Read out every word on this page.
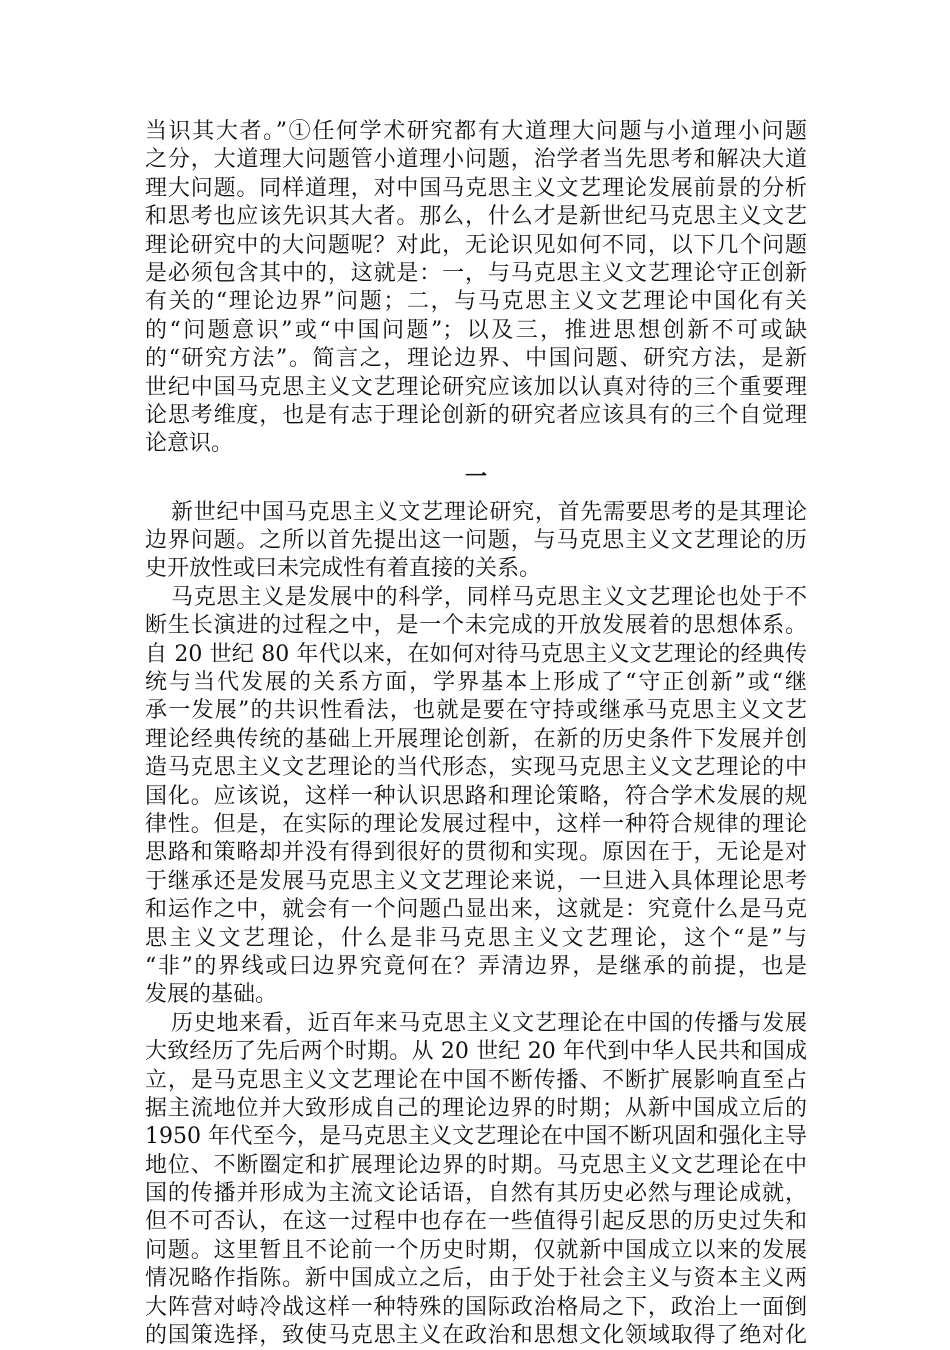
当识其大者。”①任何学术研究都有大道理大问题与小道理小问题
之分，大道理大问题管小道理小问题，治学者当先思考和解决大道
理大问题。同样道理，对中国马克思主义文艺理论发展前景的分析
和思考也应该先识其大者。那么，什么才是新世纪马克思主义文艺
理论研究中的大问题呢？对此，无论识见如何不同，以下几个问题
是必须包含其中的，这就是：一，与马克思主义文艺理论守正创新
有关的“理论边界”问题；二，与马克思主义文艺理论中国化有关
的“问题意识”或“中国问题”；以及三，推进思想创新不可或缺
的“研究方法”。简言之，理论边界、中国问题、研究方法，是新
世纪中国马克思主义文艺理论研究应该加以认真对待的三个重要理
论思考维度，也是有志于理论创新的研究者应该具有的三个自觉理
论意识。
一
新世纪中国马克思主义文艺理论研究，首先需要思考的是其理论
边界问题。之所以首先提出这一问题，与马克思主义文艺理论的历
史开放性或曰未完成性有着直接的关系。
马克思主义是发展中的科学，同样马克思主义文艺理论也处于不
断生长演进的过程之中，是一个未完成的开放发展着的思想体系。
自 20 世纪 80 年代以来，在如何对待马克思主义文艺理论的经典传
统与当代发展的关系方面，学界基本上形成了“守正创新”或“继
承一发展”的共识性看法，也就是要在守持或继承马克思主义文艺
理论经典传统的基础上开展理论创新，在新的历史条件下发展并创
造马克思主义文艺理论的当代形态，实现马克思主义文艺理论的中
国化。应该说，这样一种认识思路和理论策略，符合学术发展的规
律性。但是，在实际的理论发展过程中，这样一种符合规律的理论
思路和策略却并没有得到很好的贯彻和实现。原因在于，无论是对
于继承还是发展马克思主义文艺理论来说，一旦进入具体理论思考
和运作之中，就会有一个问题凸显出来，这就是：究竟什么是马克
思主义文艺理论，什么是非马克思主义文艺理论，这个“是”与
“非”的界线或曰边界究竟何在？弄清边界，是继承的前提，也是
发展的基础。
历史地来看，近百年来马克思主义文艺理论在中国的传播与发展
大致经历了先后两个时期。从 20 世纪 20 年代到中华人民共和国成
立，是马克思主义文艺理论在中国不断传播、不断扩展影响直至占
据主流地位并大致形成自己的理论边界的时期；从新中国成立后的
1950 年代至今，是马克思主义文艺理论在中国不断巩固和强化主导
地位、不断圈定和扩展理论边界的时期。马克思主义文艺理论在中
国的传播并形成为主流文论话语，自然有其历史必然与理论成就，
但不可否认，在这一过程中也存在一些值得引起反思的历史过失和
问题。这里暂且不论前一个历史时期，仅就新中国成立以来的发展
情况略作指陈。新中国成立之后，由于处于社会主义与资本主义两
大阵营对峙冷战这样一种特殊的国际政治格局之下，政治上一面倒
的国策选择，致使马克思主义在政治和思想文化领域取得了绝对化
